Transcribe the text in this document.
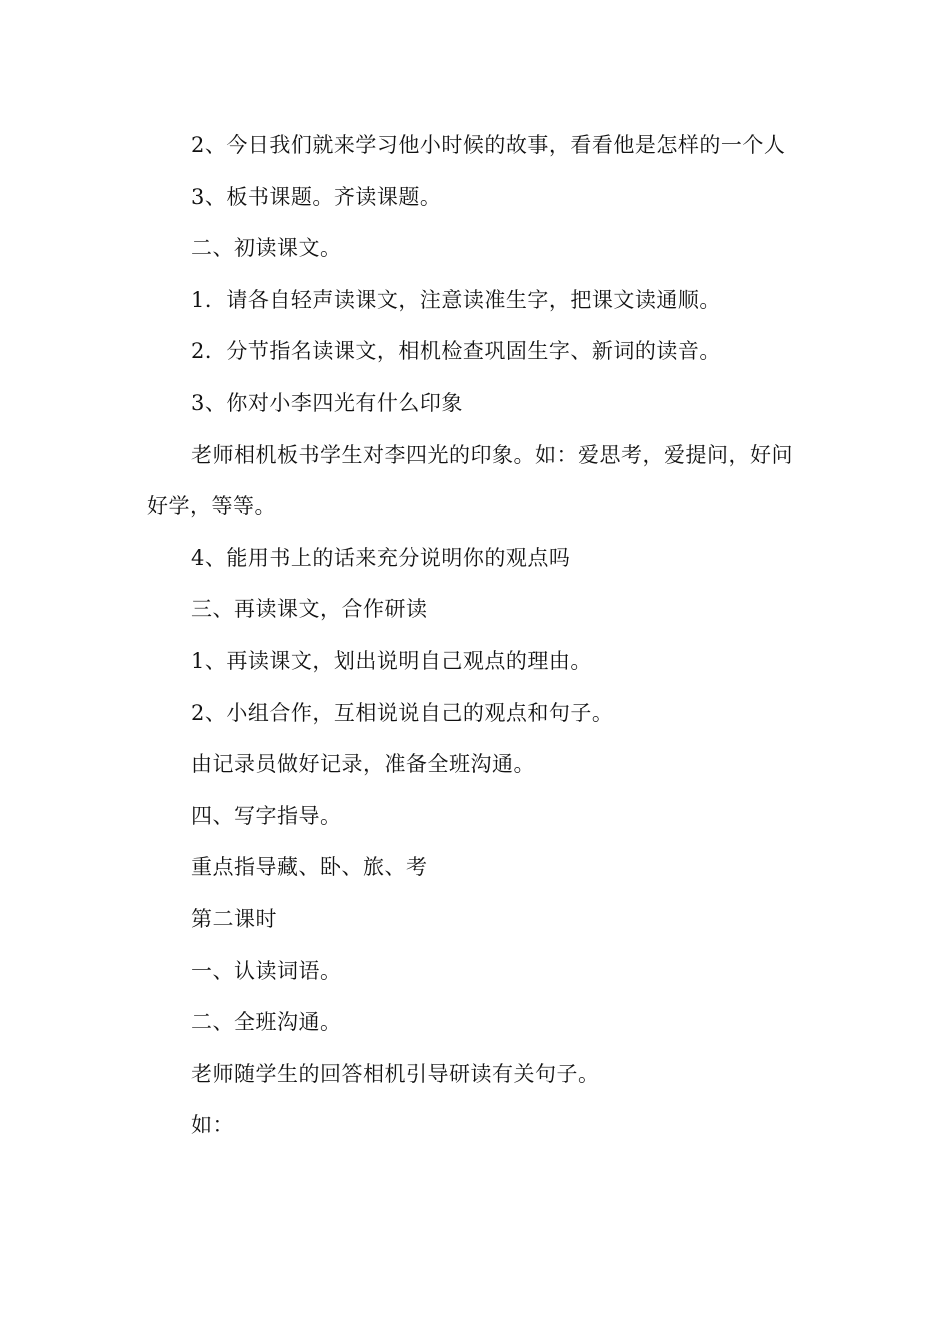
2、今日我们就来学习他小时候的故事，看看他是怎样的一个人

3、板书课题。齐读课题。

二、初读课文。

1．请各自轻声读课文，注意读准生字，把课文读通顺。

2．分节指名读课文，相机检查巩固生字、新词的读音。

3、你对小李四光有什么印象

老师相机板书学生对李四光的印象。如：爱思考，爱提问，好问好学，等等。

4、能用书上的话来充分说明你的观点吗

三、再读课文，合作研读

1、再读课文，划出说明自己观点的理由。

2、小组合作，互相说说自己的观点和句子。

由记录员做好记录，准备全班沟通。

四、写字指导。

重点指导藏、卧、旅、考

第二课时

一、认读词语。

二、全班沟通。

老师随学生的回答相机引导研读有关句子。

如：
